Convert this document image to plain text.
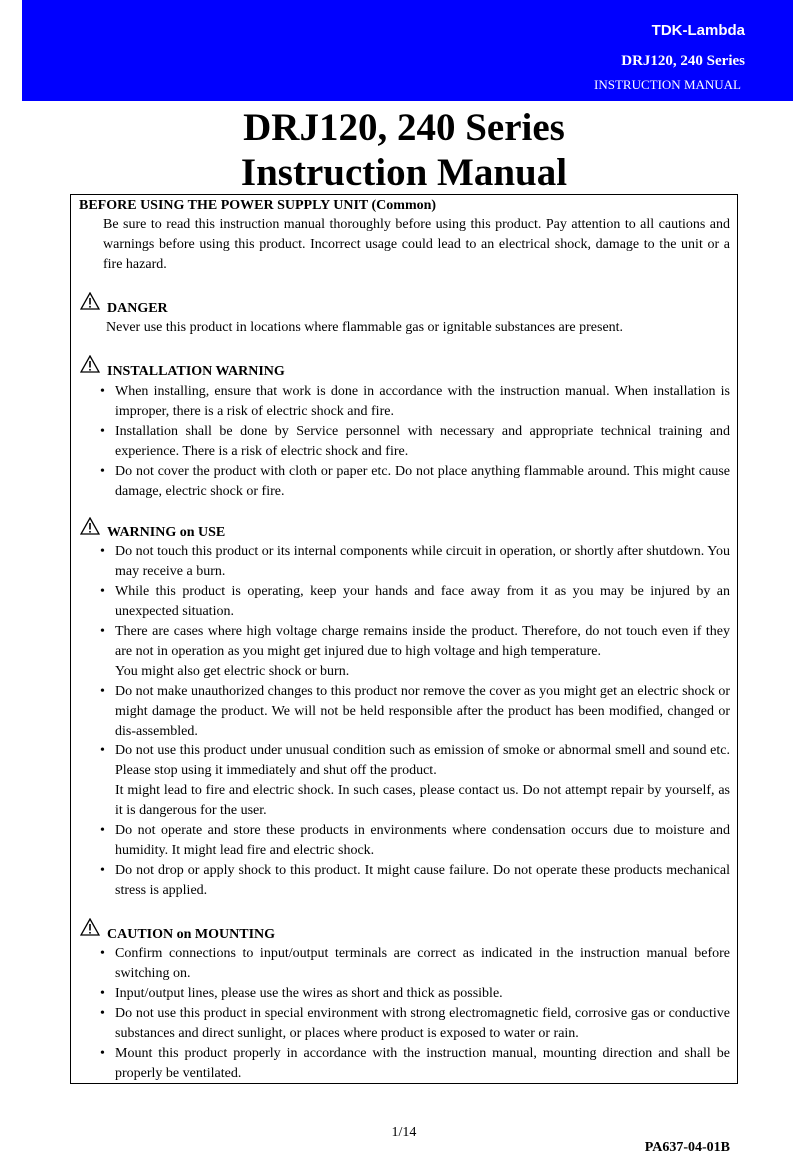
TDK-Lambda
DRJ120, 240 Series
INSTRUCTION MANUAL
DRJ120, 240 Series
Instruction Manual
BEFORE USING THE POWER SUPPLY UNIT (Common)
Be sure to read this instruction manual thoroughly before using this product. Pay attention to all cautions and warnings before using this product. Incorrect usage could lead to an electrical shock, damage to the unit or a fire hazard.
DANGER
Never use this product in locations where flammable gas or ignitable substances are present.
INSTALLATION WARNING
• When installing, ensure that work is done in accordance with the instruction manual. When installation is improper, there is a risk of electric shock and fire.
• Installation shall be done by Service personnel with necessary and appropriate technical training and experience. There is a risk of electric shock and fire.
• Do not cover the product with cloth or paper etc. Do not place anything flammable around. This might cause damage, electric shock or fire.
WARNING on USE
• Do not touch this product or its internal components while circuit in operation, or shortly after shutdown. You may receive a burn.
• While this product is operating, keep your hands and face away from it as you may be injured by an unexpected situation.
• There are cases where high voltage charge remains inside the product. Therefore, do not touch even if they are not in operation as you might get injured due to high voltage and high temperature.
You might also get electric shock or burn.
• Do not make unauthorized changes to this product nor remove the cover as you might get an electric shock or might damage the product. We will not be held responsible after the product has been modified, changed or dis-assembled.
• Do not use this product under unusual condition such as emission of smoke or abnormal smell and sound etc. Please stop using it immediately and shut off the product.
It might lead to fire and electric shock. In such cases, please contact us. Do not attempt repair by yourself, as it is dangerous for the user.
• Do not operate and store these products in environments where condensation occurs due to moisture and humidity. It might lead fire and electric shock.
• Do not drop or apply shock to this product. It might cause failure. Do not operate these products mechanical stress is applied.
CAUTION on MOUNTING
• Confirm connections to input/output terminals are correct as indicated in the instruction manual before switching on.
• Input/output lines, please use the wires as short and thick as possible.
• Do not use this product in special environment with strong electromagnetic field, corrosive gas or conductive substances and direct sunlight, or places where product is exposed to water or rain.
• Mount this product properly in accordance with the instruction manual, mounting direction and shall be properly be ventilated.
1/14
PA637-04-01B
